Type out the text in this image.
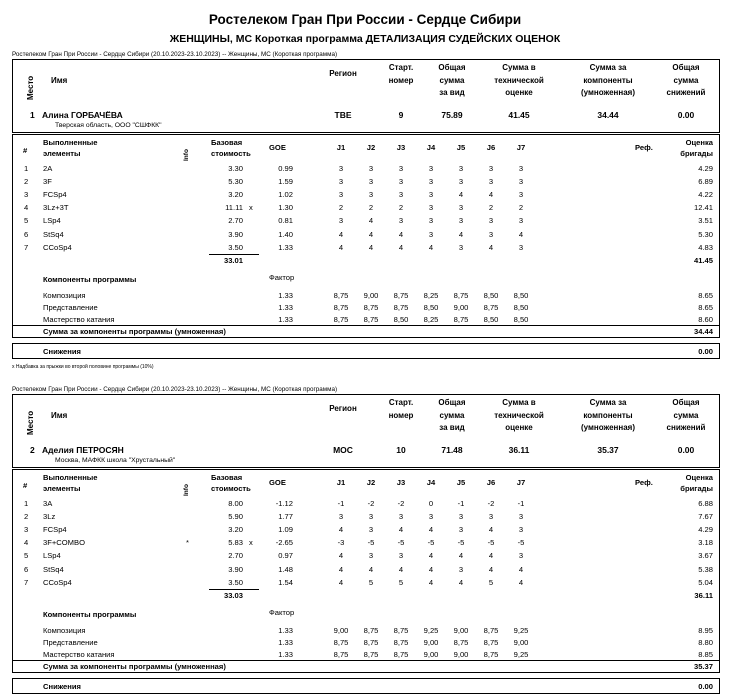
Ростелеком Гран При России - Сердце Сибири
ЖЕНЩИНЫ, МС Короткая программа ДЕТАЛИЗАЦИЯ СУДЕЙСКИХ ОЦЕНОК
Ростелеком Гран При России - Сердце Сибири (20.10.2023-23.10.2023) -- Женщины, МС (Короткая программа)
Место Имя
Регион
Старт.
номер
Общая
сумма
за вид
Сумма в
технической
оценке
Сумма за
компоненты
(умноженная)
Общая
сумма
снижений
1 Алина ГОРБАЧЁВА	ТВЕ	9	75.89	41.45	34.44	0.00
Тверская область, ООО "СШФКК"
#
Выполненные
элементы	Info
Базовая
стоимость
GOE	J1	J2	J3	J4	J5	J6	J7	Реф.
Оценка
бригады
1 2A	3.30	0.99	3	3	3	3	3	3	3	4.29
2 3F	5.30	1.59	3	3	3	3	3	3	3	6.89
3 FCSp4	3.20	1.02	3	3	3	3	4	4	3	4.22
4 3Lz+3T	11.11 x	1.30	2	2	2	3	3	2	2	12.41
5 LSp4	2.70	0.81	3	4	3	3	3	3	3	3.51
6 StSq4	3.90	1.40	4	4	4	3	4	3	4	5.30
7 CCoSp4	3.50	1.33	4	4	4	4	3	4	3	4.83
33.01	41.45
Компоненты программы	Фактор
Композиция	1.33	8,75	9,00	8,75	8,25	8,75	8,50	8,50	8.65
Представление	1.33	8,75	8,75	8,75	8,50	9,00	8,75	8,50	8.65
Мастерство катания	1.33	8,75	8,75	8,50	8,25	8,75	8,50	8,50	8.60
Сумма за компоненты программы (умноженная)	34.44
Снижения	0.00
x Надбавка за прыжки во второй половине программы (10%)
Ростелеком Гран При России - Сердце Сибири (20.10.2023-23.10.2023) -- Женщины, МС (Короткая программа)
Место Имя
Регион
Старт.
номер
Общая
сумма
за вид
Сумма в
технической
оценке
Сумма за
компоненты
(умноженная)
Общая
сумма
снижений
2 Аделия ПЕТРОСЯН	МОС	10	71.48	36.11	35.37	0.00
Москва, МАФКК школа "Хрустальный"
#
Выполненные
элементы	Info
Базовая
стоимость
GOE	J1	J2	J3	J4	J5	J6	J7	Реф.
Оценка
бригады
1 3A	8.00	-1.12	-1	-2	-2	0	-1	-2	-1	6.88
2 3Lz	5.90	1.77	3	3	3	3	3	3	3	7.67
3 FCSp4	3.20	1.09	4	3	4	4	3	4	3	4.29
4 3F+COMBO	*	5.83 x	-2.65	-3	-5	-5	-5	-5	-5	-5	3.18
5 LSp4	2.70	0.97	4	3	3	4	4	4	3	3.67
6 StSq4	3.90	1.48	4	4	4	4	3	4	4	5.38
7 CCoSp4	3.50	1.54	4	5	5	4	4	5	4	5.04
33.03	36.11
Компоненты программы	Фактор
Композиция	1.33	9,00	8,75	8,75	9,25	9,00	8,75	9,25	8.95
Представление	1.33	8,75	8,75	8,75	9,00	8,75	8,75	9,00	8.80
Мастерство катания	1.33	8,75	8,75	8,75	9,00	9,00	8,75	9,25	8.85
Сумма за компоненты программы (умноженная)	35.37
Снижения	0.00
